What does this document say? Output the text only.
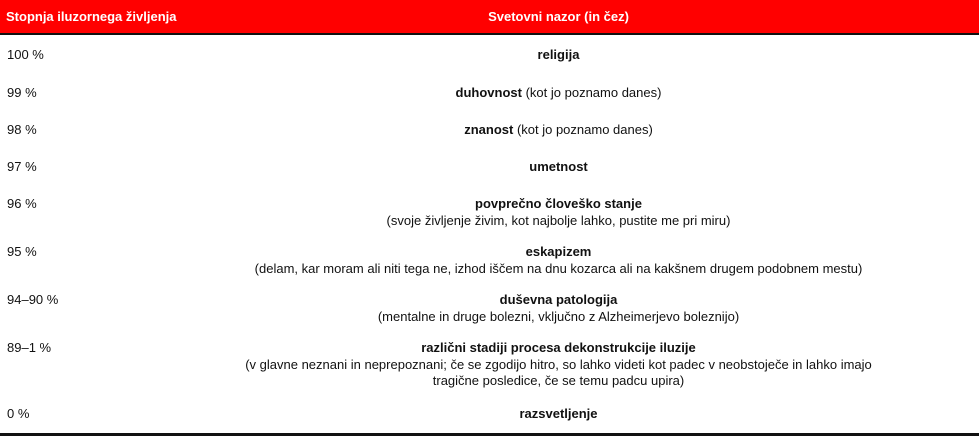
Stopnja iluzornega življenja	Svetovni nazor (in čez)
100 %	religija
99 %	duhovnost (kot jo poznamo danes)
98 %	znanost (kot jo poznamo danes)
97 %	umetnost
96 %	povprečno človeško stanje
(svoje življenje živim, kot najbolje lahko, pustite me pri miru)
95 %	eskapizem
(delam, kar moram ali niti tega ne, izhod iščem na dnu kozarca ali na kakšnem drugem podobnem mestu)
94–90 %	duševna patologija
(mentalne in druge bolezni, vključno z Alzheimerjevo boleznijo)
89–1 %	različni stadiji procesa dekonstrukcije iluzije
(v glavne neznani in neprepoznani; če se zgodijo hitro, so lahko videti kot padec v neobstoječe in lahko imajo
tragične posledice, če se temu padcu upira)
0 %	razsvetljenje
